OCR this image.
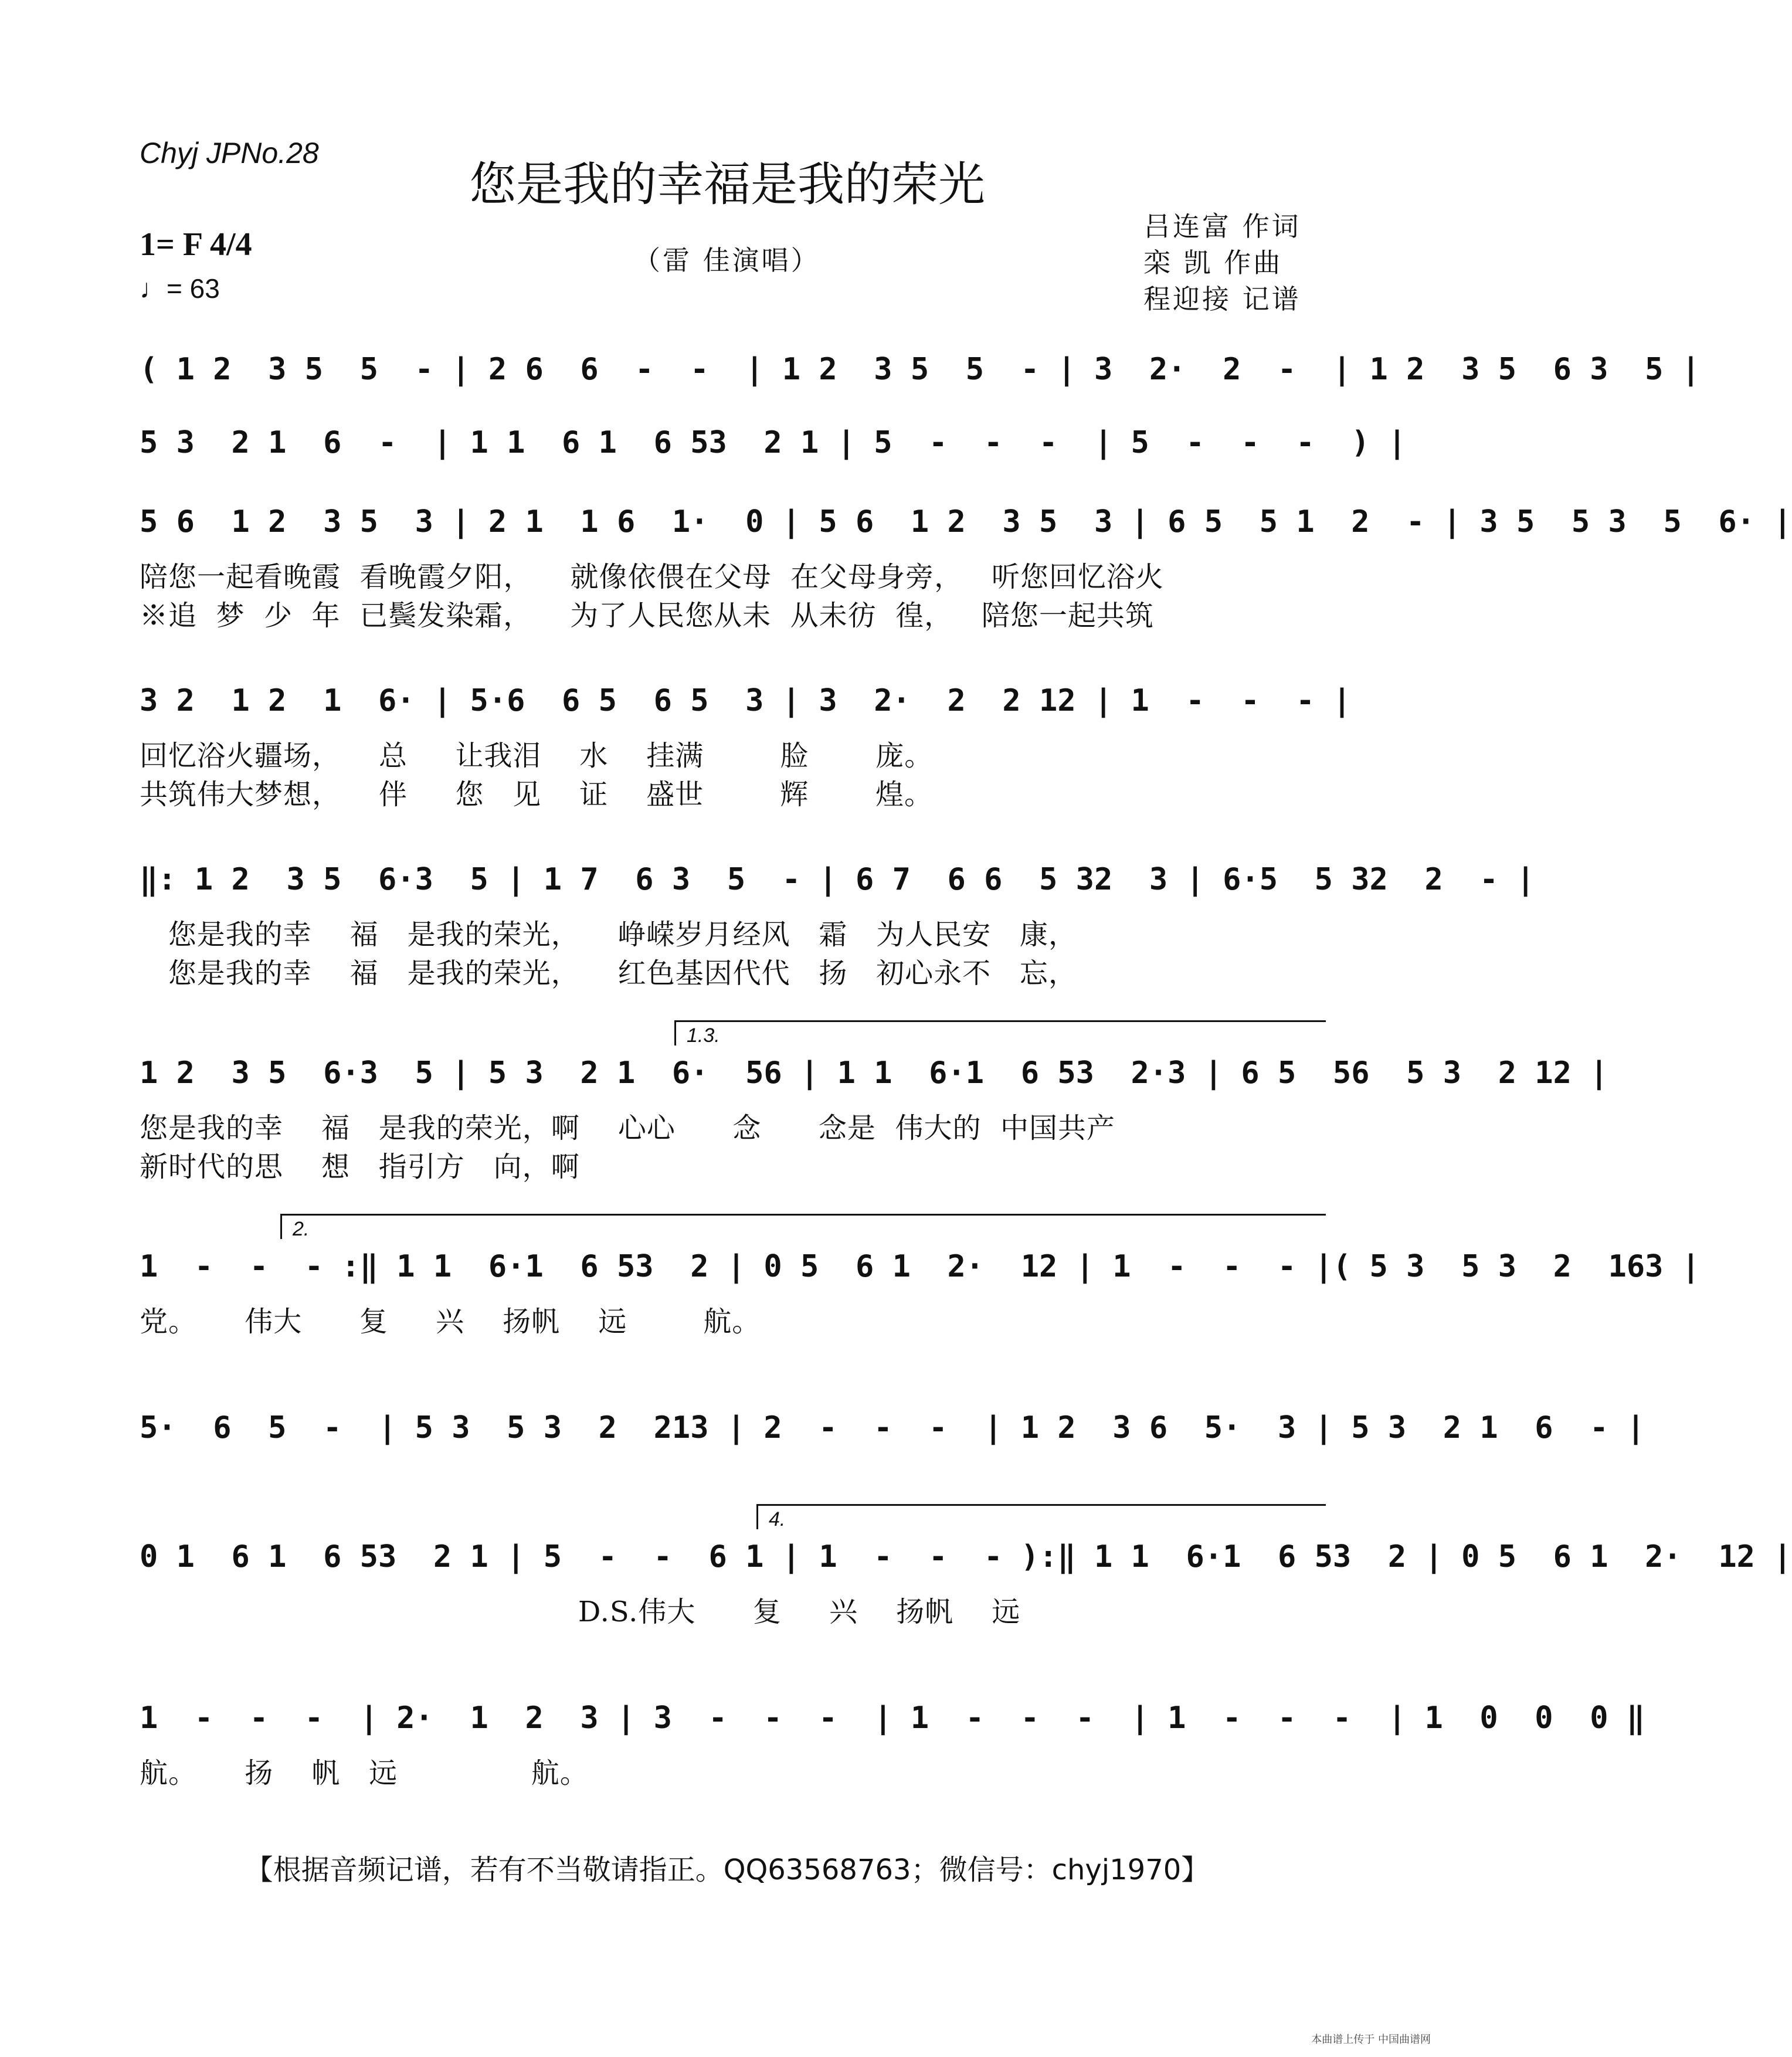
Chyj JPNo.28
您是我的幸福是我的荣光
（雷 佳演唱）
吕连富 作词
栾 凯 作曲
程迎接 记谱
1= F 4/4
♩= 63
( 1 2  3 5  5  - | 2 6  6  -  -  | 1 2  3 5  5  - | 3  2·  2  -  | 1 2  3 5  6 3  5 |
5 3  2 1  6  -  | 1 1  6 1  6 53  2 1 | 5  -  -  -  | 5  -  -  -  ) |
5 6  1 2  3 5  3 | 2 1  1 6  1·  0 | 5 6  1 2  3 5  3 | 6 5  5 1  2  - | 3 5  5 3  5  6· |
陪您一起看晚霞  看晚霞夕阳，    就像依偎在父母  在父母身旁，   听您回忆浴火
※追  梦  少  年  已鬓发染霜，    为了人民您从未  从未彷  徨，   陪您一起共筑
3 2  1 2  1  6· | 5·6  6 5  6 5  3 | 3  2·  2  2 12 | 1  -  -  - |
回忆浴火疆场，    总     让我泪    水    挂满        脸       庞。
共筑伟大梦想，    伴     您   见    证    盛世        辉       煌。
‖: 1 2  3 5  6·3  5 | 1 7  6 3  5  - | 6 7  6 6  5 32  3 | 6·5  5 32  2  - |
您是我的幸    福   是我的荣光，    峥嵘岁月经风   霜   为人民安   康，
您是我的幸    福   是我的荣光，    红色基因代代   扬   初心永不   忘，
1.3.
1 2  3 5  6·3  5 | 5 3  2 1  6·  56 | 1 1  6·1  6 53  2·3 | 6 5  56  5 3  2 12 |
您是我的幸    福   是我的荣光，啊    心心      念      念是  伟大的  中国共产
新时代的思    想   指引方   向，啊
2.
1  -  -  - :‖ 1 1  6·1  6 53  2 | 0 5  6 1  2·  12 | 1  -  -  - |( 5 3  5 3  2  163 |
党。     伟大      复     兴    扬帆    远        航。
5·  6  5  -  | 5 3  5 3  2  213 | 2  -  -  -  | 1 2  3 6  5·  3 | 5 3  2 1  6  - |
4.
0 1  6 1  6 53  2 1 | 5  -  -  6 1 | 1  -  -  - ):‖ 1 1  6·1  6 53  2 | 0 5  6 1  2·  12 |
D.S.伟大      复     兴    扬帆    远
1  -  -  -  | 2·  1  2  3 | 3  -  -  -  | 1  -  -  -  | 1  -  -  -  | 1  0  0  0 ‖
航。     扬    帆   远              航。
【根据音频记谱，若有不当敬请指正。QQ63568763；微信号：chyj1970】
本曲谱上传于 中国曲谱网
